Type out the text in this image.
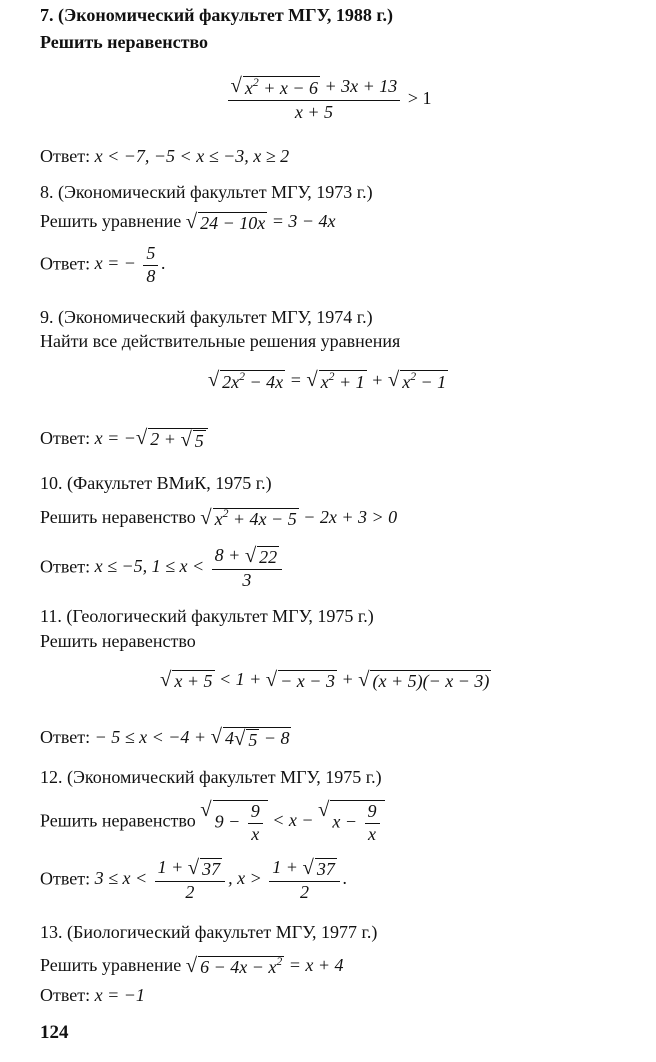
7. (Экономический факультет МГУ, 1988 г.)
Решить неравенство
$\frac{√ x^2 + x - 6 + 3x + 13}{x + 5} > 1$
Ответ: x < −7, −5 < x ≤ −3, x ≥ 2
8. (Экономический факультет МГУ, 1973 г.)
Решить уравнение √ 24 − 10x = 3 − 4x
Ответ: x = − $\frac{5}{8}$ .
9. (Экономический факультет МГУ, 1974 г.)
Найти все действительные решения уравнения
√ $2x^2 - 4x$ = √ $x^2 + 1$ + √ $x^2 - 1$
Ответ: x = − √ 2 + √ 5
10. (Факультет ВМиК, 1975 г.)
Решить неравенство √ $x^2 + 4x - 5 - 2x + 3 > 0$
Ответ: x ≤ −5, $1 \le x < \frac{8 + √ 22}{3}$
11. (Геологический факультет МГУ, 1975 г.)
Решить неравенство
√ x + 5 < 1 + √ − x − 3 + √ (x + 5)(− x − 3)
Ответ: − 5 ≤ x < −4 + √ 4 √ 5 − 8
12. (Экономический факультет МГУ, 1975 г.)
Решить неравенство √
$9 - \frac{9}{x} < x$ − √
$x - \frac{9}{x}$
Ответ: $3 \le x < \frac{1 + √ 37}{2}$ , $x > \frac{1 + √ 37}{2}$ .
13. (Биологический факультет МГУ, 1977 г.)
Решить уравнение √ $6 - 4x - x^2 = x + 4$
Ответ: x = −1
124
